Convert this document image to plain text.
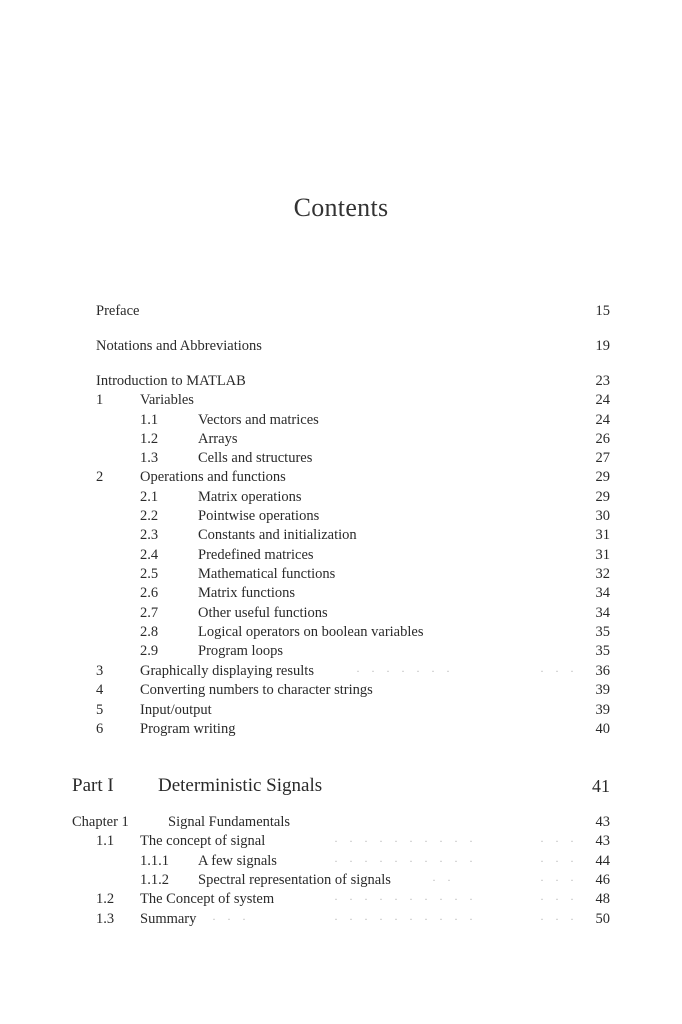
Contents
Preface	15
Notations and Abbreviations	19
Introduction to MATLAB	23
1	Variables	24
1.1	Vectors and matrices	24
1.2	Arrays	26
1.3	Cells and structures	27
2	Operations and functions	29
2.1	Matrix operations	29
2.2	Pointwise operations	30
2.3	Constants and initialization	31
2.4	Predefined matrices	31
2.5	Mathematical functions	32
2.6	Matrix functions	34
2.7	Other useful functions	34
2.8	Logical operators on boolean variables	35
2.9	Program loops	35
3	Graphically displaying results	· · · · · · ·	· · · 36
4	Converting numbers to character strings	39
5	Input/output	39
6	Program writing	40
Part I Deterministic Signals	41
Chapter 1	Signal Fundamentals	43
1.1 The concept of signal	· · · · · · · · · ·	· · · 43
1.1.1 A few signals	· · · · · · · · · ·	· · · 44
1.1.2 Spectral representation of signals	· ·	· · · 46
1.2 The Concept of system	· · · · · · · · · ·	· · · 48
1.3 Summary · · ·	· · · · · · · · · ·	· · · 50
